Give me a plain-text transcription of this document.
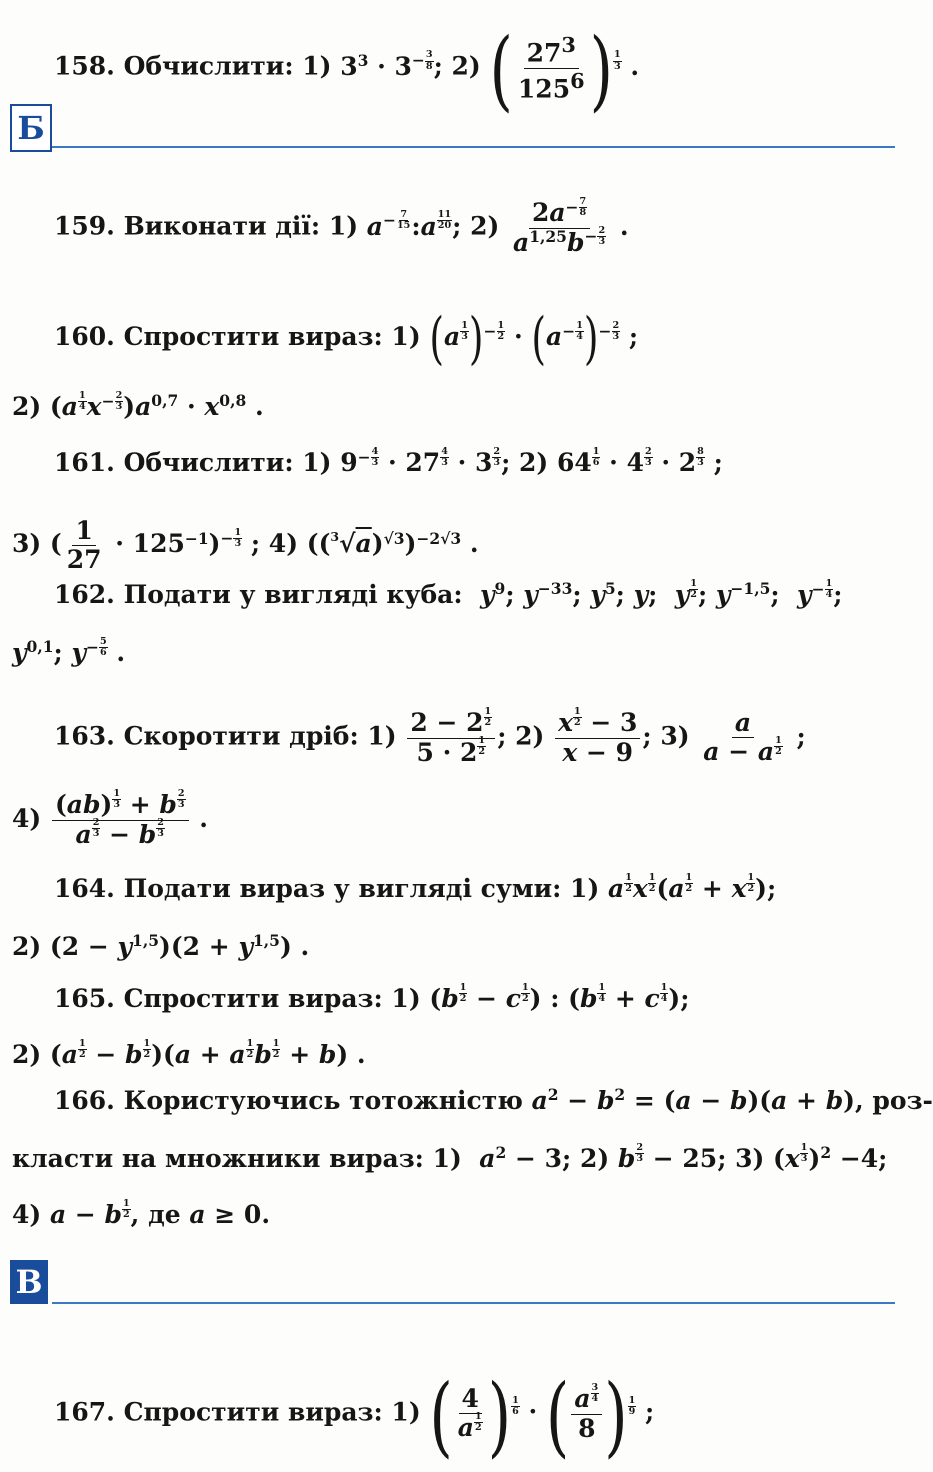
158. Обчислити: 1) $33 \cdot 3- \frac{3}{8}$ ; 2) ( $\frac{27^3}{125^6}$ ) $\frac{1}{3}$ .
Б
159. Виконати дії: 1) $a- \frac{7}{15}$ :a $\frac{11}{20}$ ; $2) \frac{2a- \frac{7}{8}}{a1,25b- \frac{2}{3}}$ .
160. Спростити вираз: 1) ($a \frac{1}{3}$ )− $\frac{1}{2} \cdot (a- \frac{1}{4}$ )− $\frac{2}{3}$ ;
2) $(a \frac{1}{4} x- \frac{2}{3} )a0,7 \cdot x0,8$ .
161. Обчислити: 1) $9- \frac{4}{3} \cdot 27 \frac{4}{3} \cdot 3 \frac{2}{3}$ ; 2) $64 \frac{1}{6} \cdot 4 \frac{2}{3} \cdot 2 \frac{8}{3}$ ;
3) ( $\frac{1}{27} \cdot 125-1)- \frac{1}{3}$ ; 4) ((3√a)√3)−2√3 .
162. Подати у вигляді куба: y9; y−33; y5; y;  y $\frac{1}{2}$ ; y−1,5;  $y- \frac{1}{4}$ ;
y0,1; $y- \frac{5}{6}$ .
163. Скоротити дріб: $1) \frac{2 - 2 \frac{1}{2}}{5 \cdot 2 \frac{1}{2}}$ ; $2) \frac{x \frac{1}{2} - 3}{x - 9}$ ; $3) \frac{a}{a - a \frac{1}{2}}$ ;
$4) \frac{(ab) \frac{1}{3} + b \frac{2}{3}}{a \frac{2}{3} - b \frac{2}{3}}$ .
164. Подати вираз у вигляді суми: 1) a $\frac{1}{2}$ x $\frac{1}{2} (a \frac{1}{2} + x \frac{1}{2}$ );
2) (2 − y1,5)(2 + y1,5) .
165. Спростити вираз: 1) ($b \frac{1}{2} - c \frac{1}{2}$ ) : ($b \frac{1}{4} + c \frac{1}{4}$ );
2) $(a \frac{1}{2} - b \frac{1}{2} )(a + a \frac{1}{2}$ b $\frac{1}{2} + b$) .
166. Користуючись тотожністю a2 − b2 = (a − b)(a + b), роз-
класти на множники вираз: 1) a2 − 3; 2) b $\frac{2}{3} - 25$; 3) $(x \frac{1}{3} )2 -4$;
4) a − b $\frac{1}{2}$ , де a ≥ 0.
В
167. Спростити вираз: 1) ( $\frac{4}{a \frac{1}{2}}$ ) $\frac{1}{6}$ · ( $\frac{a \frac{3}{4}}{8}$ ) $\frac{1}{9}$ ;
